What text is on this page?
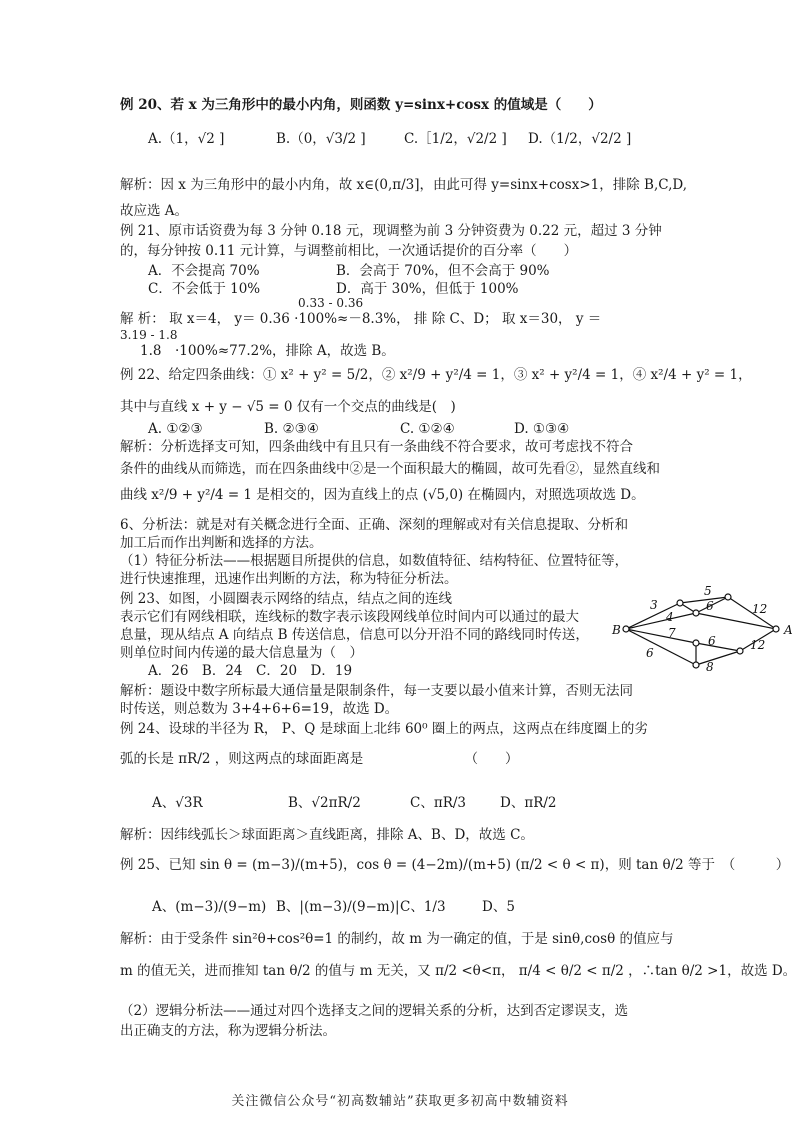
例 20、若 x 为三角形中的最小内角，则函数 y=sinx+cosx 的值域是（　　）
A.（1，√2 ]	B.（0，√3/2 ]	C.［1/2，√2/2 ] D.（1/2，√2/2 ]
解析：因 x 为三角形中的最小内角，故 x∈(0,π/3]，由此可得 y=sinx+cosx>1，排除 B,C,D,
故应选 A。
例 21、原市话资费为每 3 分钟 0.18 元，现调整为前 3 分钟资费为 0.22 元，超过 3 分钟
的，每分钟按 0.11 元计算，与调整前相比，一次通话提价的百分率（　　）
A．不会提高 70%	B．会高于 70%，但不会高于 90%
C．不会低于 10%	D．高于 30%，但低于 100%
0.33 - 0.36
解 析： 取 x＝4， y＝ 0.36 ·100%≈－8.3%， 排 除 C、D； 取 x＝30， y ＝
3.19 - 1.8
1.8　·100%≈77.2%，排除 A，故选 B。
例 22、给定四条曲线：① x² + y² = 5/2，② x²/9 + y²/4 = 1，③ x² + y²/4 = 1，④ x²/4 + y² = 1，
其中与直线 x + y − √5 = 0 仅有一个交点的曲线是(　)
A. ①②③	B. ②③④	C. ①②④	D. ①③④
解析：分析选择支可知，四条曲线中有且只有一条曲线不符合要求，故可考虑找不符合
条件的曲线从而筛选，而在四条曲线中②是一个面积最大的椭圆，故可先看②，显然直线和
曲线 x²/9 + y²/4 = 1 是相交的，因为直线上的点 (√5,0) 在椭圆内，对照选项故选 D。
6、分析法：就是对有关概念进行全面、正确、深刻的理解或对有关信息提取、分析和
加工后而作出判断和选择的方法。
（1）特征分析法——根据题目所提供的信息，如数值特征、结构特征、位置特征等，
进行快速推理，迅速作出判断的方法，称为特征分析法。
例 23、如图，小圆圈表示网络的结点，结点之间的连线
表示它们有网线相联，连线标的数字表示该段网线单位时间内可以通过的最大
息量，现从结点 A 向结点 B 传送信息，信息可以分开沿不同的路线同时传送，
则单位时间内传递的最大信息量为（　）
A．26　B．24　C．20　D．19
解析：题设中数字所标最大通信量是限制条件，每一支要以最小值来计算，否则无法同
时传送，则总数为 3+4+6+6=19，故选 D。
B	A
3
5
4
6	12
7
6	12
6
8
例 24、设球的半径为 R， P、Q 是球面上北纬 60⁰ 圈上的两点，这两点在纬度圈上的劣
弧的长是 πR/2 ，则这两点的球面距离是　　　　　　　　（　　）
A、√3R	B、√2πR/2	C、πR/3	D、πR/2
解析：因纬线弧长＞球面距离＞直线距离，排除 A、B、D，故选 C。
例 25、已知 sin θ = (m−3)/(m+5)，cos θ = (4−2m)/(m+5) (π/2 < θ < π)，则 tan θ/2 等于　（　　　）
A、(m−3)/(9−m) B、|(m−3)/(9−m)| C、1/3	D、5
解析：由于受条件 sin²θ+cos²θ=1 的制约，故 m 为一确定的值，于是 sinθ,cosθ 的值应与
m 的值无关，进而推知 tan θ/2 的值与 m 无关，又 π/2 <θ<π， π/4 < θ/2 < π/2 ，∴tan θ/2 >1，故选 D。
（2）逻辑分析法——通过对四个选择支之间的逻辑关系的分析，达到否定谬误支，选
出正确支的方法，称为逻辑分析法。
关注微信公众号“初高数辅站”获取更多初高中数辅资料
